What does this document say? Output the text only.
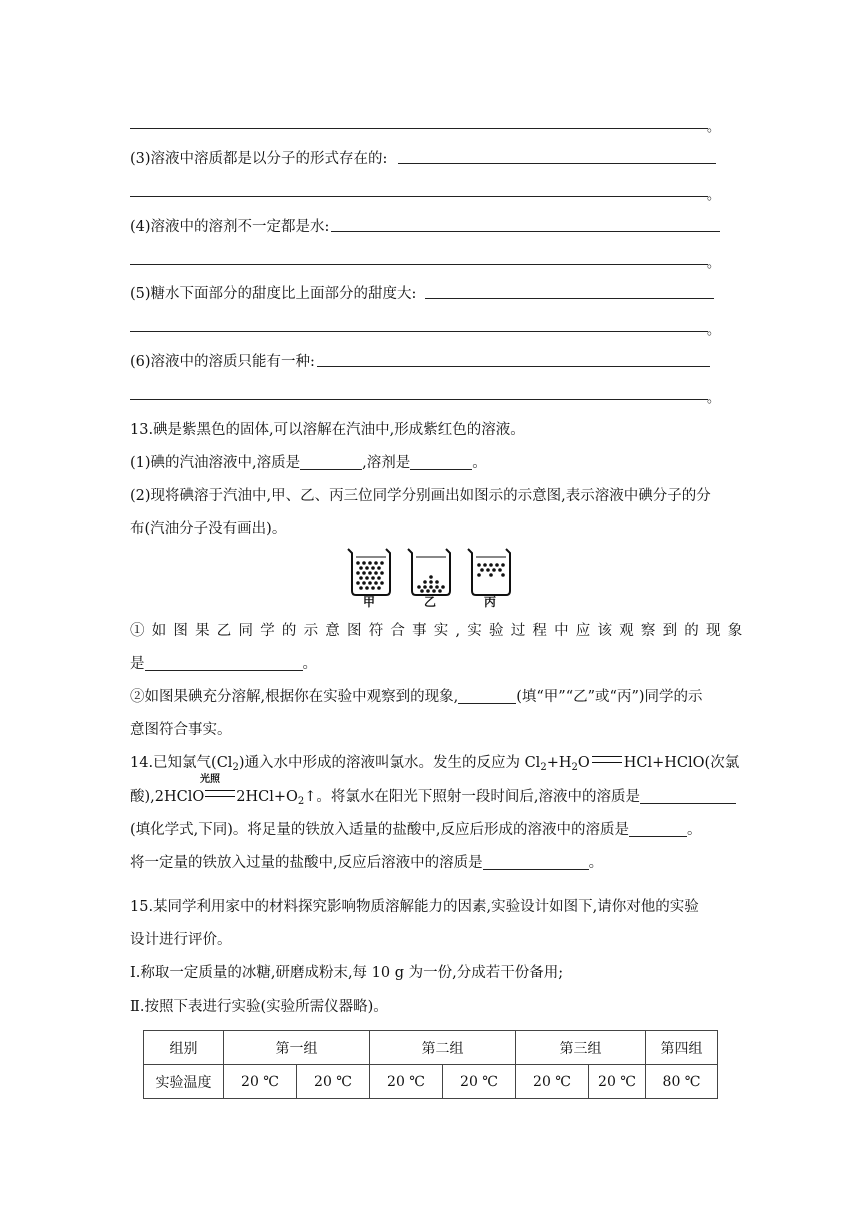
。
(3)溶液中溶质都是以分子的形式存在的:
。
(4)溶液中的溶剂不一定都是水:
。
(5)糖水下面部分的甜度比上面部分的甜度大:
。
(6)溶液中的溶质只能有一种:
。
13.碘是紫黑色的固体,可以溶解在汽油中,形成紫红色的溶液。
(1)碘的汽油溶液中,溶质是	,溶剂是	。
(2)现将碘溶于汽油中,甲、乙、丙三位同学分别画出如图示的示意图,表示溶液中碘分子的分
布(汽油分子没有画出)。
甲	乙	丙
①如图果乙同学的示意图符合事实,实验过程中应该观察到的现象
是	。
②如图果碘充分溶解,根据你在实验中观察到的现象,	(填“甲”“乙”或“丙”)同学的示
意图符合事实。
14.已知氯气$(Cl_2)$通入水中形成的溶液叫氯水。发生的反应为 $Cl_2+H_2O$ HCl+HClO(次氯
光照
酸),2HClO $2HCl+O_2↑$。将氯水在阳光下照射一段时间后,溶液中的溶质是
(填化学式,下同)。将足量的铁放入适量的盐酸中,反应后形成的溶液中的溶质是	。
将一定量的铁放入过量的盐酸中,反应后溶液中的溶质是	。
15.某同学利用家中的材料探究影响物质溶解能力的因素,实验设计如图下,请你对他的实验
设计进行评价。
Ⅰ.称取一定质量的冰糖,研磨成粉末,每 10 g 为一份,分成若干份备用;
Ⅱ.按照下表进行实验(实验所需仪器略)。
组别	第一组		第二组		第三组		第四组
实验温度	20 ℃	20 ℃	20 ℃	20 ℃	20 ℃	20 ℃	80 ℃
